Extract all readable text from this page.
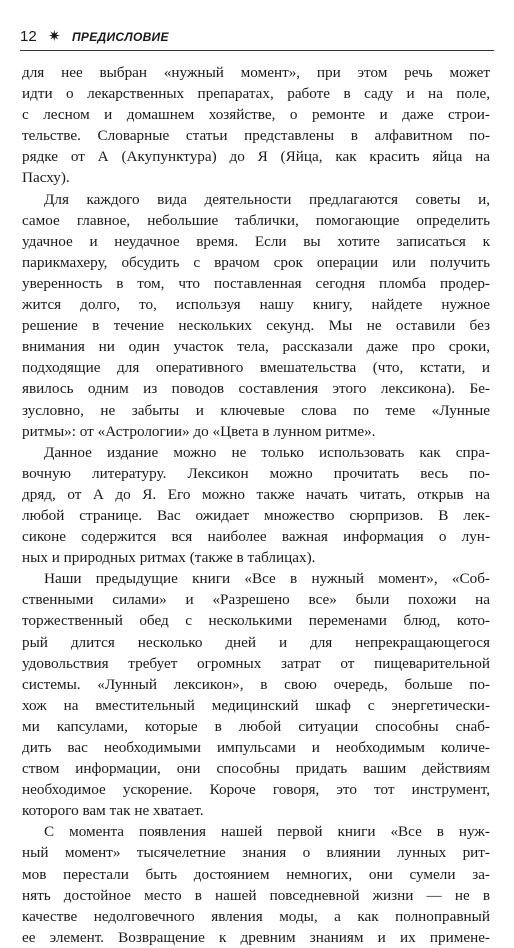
12 ✷ ПРЕДИСЛОВИЕ
для нее выбран «нужный момент», при этом речь может
идти о лекарственных препаратах, работе в саду и на поле,
с лесном и домашнем хозяйстве, о ремонте и даже строи-
тельстве. Словарные статьи представлены в алфавитном по-
рядке от А (Акупунктура) до Я (Яйца, как красить яйца на
Пасху).
Для каждого вида деятельности предлагаются советы и,
самое главное, небольшие таблички, помогающие определить
удачное и неудачное время. Если вы хотите записаться к
парикмахеру, обсудить с врачом срок операции или получить
уверенность в том, что поставленная сегодня пломба продер-
жится долго, то, используя нашу книгу, найдете нужное
решение в течение нескольких секунд. Мы не оставили без
внимания ни один участок тела, рассказали даже про сроки,
подходящие для оперативного вмешательства (что, кстати, и
явилось одним из поводов составления этого лексикона). Бе-
зусловно, не забыты и ключевые слова по теме «Лунные
ритмы»: от «Астрологии» до «Цвета в лунном ритме».
Данное издание можно не только использовать как спра-
вочную литературу. Лексикон можно прочитать весь по-
дряд, от А до Я. Его можно также начать читать, открыв на
любой странице. Вас ожидает множество сюрпризов. В лек-
сиконе содержится вся наиболее важная информация о лун-
ных и природных ритмах (также в таблицах).
Наши предыдущие книги «Все в нужный момент», «Соб-
ственными силами» и «Разрешено все» были похожи на
торжественный обед с несколькими переменами блюд, кото-
рый длится несколько дней и для непрекращающегося
удовольствия требует огромных затрат от пищеварительной
системы. «Лунный лексикон», в свою очередь, больше по-
хож на вместительный медицинский шкаф с энергетически-
ми капсулами, которые в любой ситуации способны снаб-
дить вас необходимыми импульсами и необходимым количе-
ством информации, они способны придать вашим действиям
необходимое ускорение. Короче говоря, это тот инструмент,
которого вам так не хватает.
С момента появления нашей первой книги «Все в нуж-
ный момент» тысячелетние знания о влиянии лунных рит-
мов перестали быть достоянием немногих, они сумели за-
нять достойное место в нашей повседневной жизни — не в
качестве недолговечного явления моды, а как полноправный
ее элемент. Возвращение к древним знаниям и их примене-
